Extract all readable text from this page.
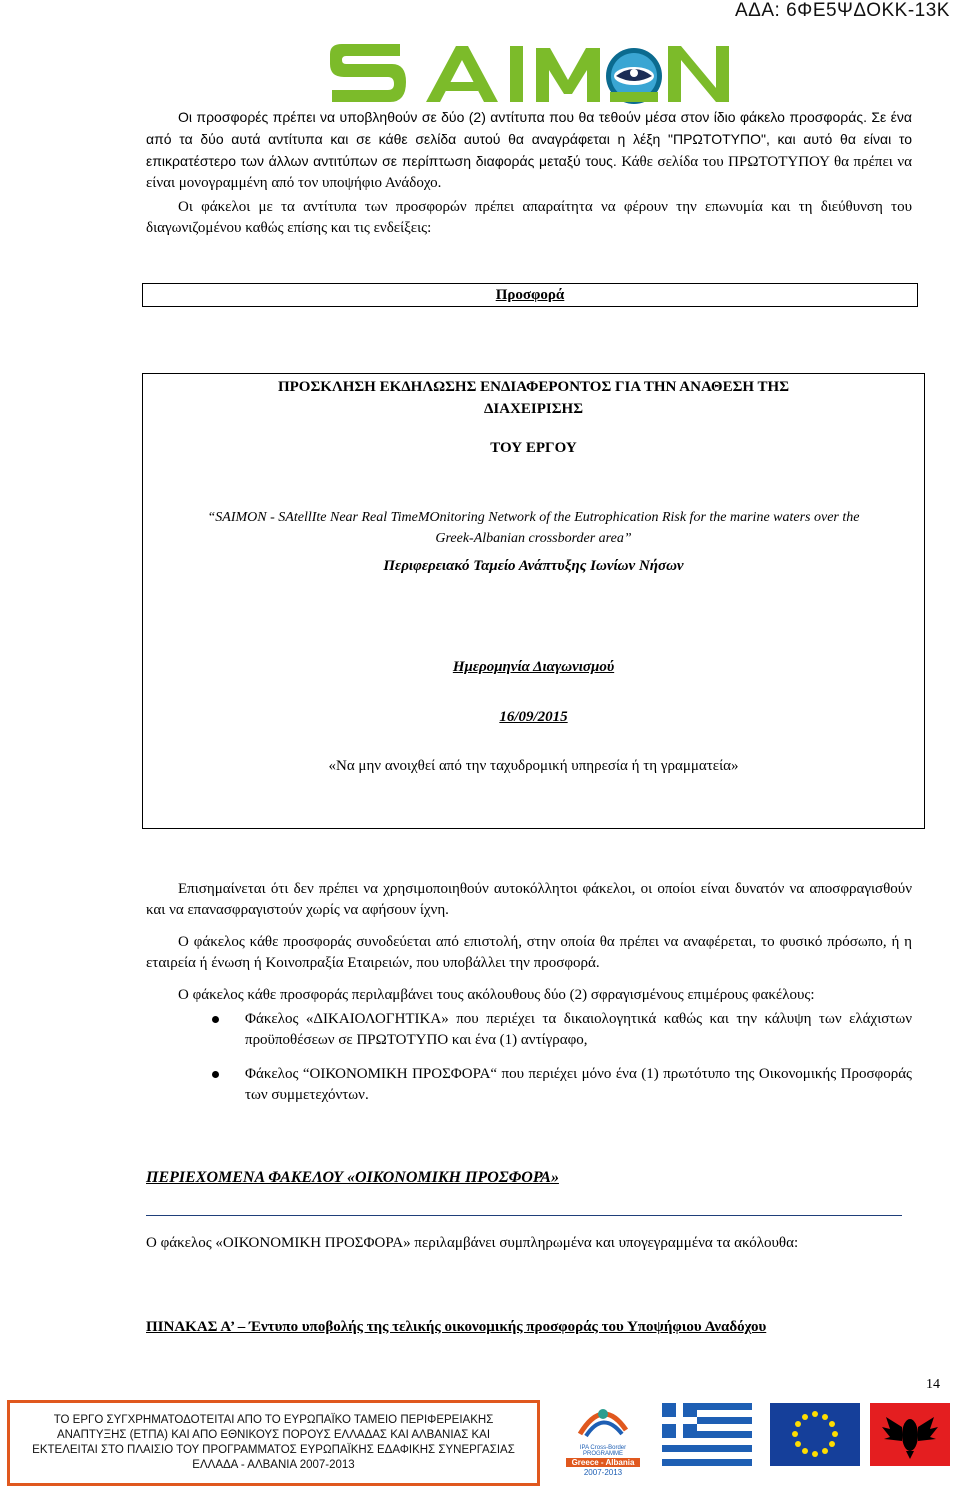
ΑΔΑ: 6ΦΕ5ΨΔΟΚΚ-13Κ
Οι προσφορές πρέπει να υποβληθούν σε δύο (2) αντίτυπα που θα τεθούν μέσα στον ίδιο φάκελο προσφοράς. Σε ένα από τα δύο αυτά αντίτυπα και σε κάθε σελίδα αυτού θα αναγράφεται η λέξη "ΠΡΩΤΟΤΥΠΟ", και αυτό θα είναι το επικρατέστερο των άλλων αντιτύπων σε περίπτωση διαφοράς μεταξύ τους. Κάθε σελίδα του ΠΡΩΤΟΤΥΠΟΥ θα πρέπει να είναι μονογραμμένη από τον υποψήφιο Ανάδοχο.
Οι φάκελοι με τα αντίτυπα των προσφορών πρέπει απαραίτητα να φέρουν την επωνυμία και τη διεύθυνση του διαγωνιζομένου καθώς επίσης και τις ενδείξεις:
Προσφορά
ΠΡΟΣΚΛΗΣΗ ΕΚΔΗΛΩΣΗΣ ΕΝΔΙΑΦΕΡΟΝΤΟΣ ΓΙΑ ΤΗΝ ΑΝΑΘΕΣΗ ΤΗΣ
ΔΙΑΧΕΙΡΙΣΗΣ
ΤΟΥ ΕΡΓΟΥ
“SAIMON - SAtellIte Near Real TimeMOnitoring Network of the Eutrophication Risk for the marine waters over the
Greek-Albanian crossborder area”
Περιφερειακό Ταμείο Ανάπτυξης Ιωνίων Νήσων
Ημερομηνία Διαγωνισμού
16/09/2015
«Να μην ανοιχθεί από την ταχυδρομική υπηρεσία ή τη γραμματεία»
Επισημαίνεται ότι δεν πρέπει να χρησιμοποιηθούν αυτοκόλλητοι φάκελοι, οι οποίοι είναι δυνατόν να αποσφραγισθούν και να επανασφραγιστούν χωρίς να αφήσουν ίχνη.
Ο φάκελος κάθε προσφοράς συνοδεύεται από επιστολή, στην οποία θα πρέπει να αναφέρεται, το φυσικό πρόσωπο, ή η εταιρεία ή ένωση ή Κοινοπραξία Εταιρειών, που υποβάλλει την προσφορά.
Ο φάκελος κάθε προσφοράς περιλαμβάνει τους ακόλουθους δύο (2) σφραγισμένους επιμέρους φακέλους:
Φάκελος «ΔΙΚΑΙΟΛΟΓΗΤΙΚΑ» που περιέχει τα δικαιολογητικά καθώς και την κάλυψη των ελάχιστων προϋποθέσεων σε ΠΡΩΤΟΤΥΠΟ και ένα (1) αντίγραφο,
Φάκελος “ΟΙΚΟΝΟΜΙΚΗ ΠΡΟΣΦΟΡΑ“ που περιέχει μόνο ένα (1) πρωτότυπο της Οικονομικής Προσφοράς των συμμετεχόντων.
ΠΕΡΙΕΧΟΜΕΝΑ ΦΑΚΕΛΟΥ «ΟΙΚΟΝΟΜΙΚΗ ΠΡΟΣΦΟΡΑ»
Ο φάκελος «ΟΙΚΟΝΟΜΙΚΗ ΠΡΟΣΦΟΡΑ» περιλαμβάνει συμπληρωμένα και υπογεγραμμένα τα ακόλουθα:
ΠΙΝΑΚΑΣ Α’ – Έντυπο υποβολής της τελικής οικονομικής προσφοράς του Υποψήφιου Αναδόχου
14
ΤΟ ΕΡΓΟ ΣΥΓΧΡΗΜΑΤΟΔΟΤΕΙΤΑΙ ΑΠΟ ΤΟ ΕΥΡΩΠΑΪΚΟ ΤΑΜΕΙΟ ΠΕΡΙΦΕΡΕΙΑΚΗΣ
ΑΝΑΠΤΥΞΗΣ (ΕΤΠΑ) ΚΑΙ ΑΠΟ ΕΘΝΙΚΟΥΣ ΠΟΡΟΥΣ ΕΛΛΑΔΑΣ ΚΑΙ ΑΛΒΑΝΙΑΣ ΚΑΙ
ΕΚΤΕΛΕΙΤΑΙ ΣΤΟ ΠΛΑΙΣΙΟ ΤΟΥ ΠΡΟΓΡΑΜΜΑΤΟΣ ΕΥΡΩΠΑΪΚΗΣ ΕΔΑΦΙΚΗΣ ΣΥΝΕΡΓΑΣΙΑΣ
ΕΛΛΑΔΑ - ΑΛΒΑΝΙΑ 2007-2013
IPA Cross-Border PROGRAMME
Greece - Albania
2007-2013
